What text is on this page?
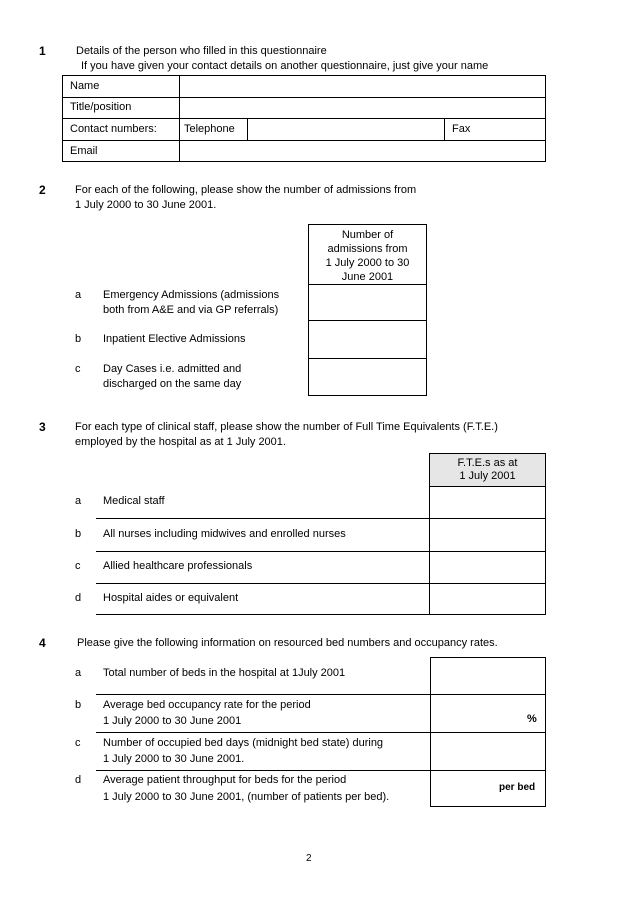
1	Details of the person who filled in this questionnaire
If you have given your contact details on another questionnaire, just give your name
Name
Title/position
Contact numbers: Telephone	Fax
Email
2	For each of the following, please show the number of admissions from
1 July 2000 to 30 June 2001.
Number of
admissions from
1 July 2000 to 30
June 2001
a Emergency Admissions (admissions
both from A&E and via GP referrals)
b Inpatient Elective Admissions
c Day Cases i.e. admitted and
discharged on the same day
3	For each type of clinical staff, please show the number of Full Time Equivalents (F.T.E.)
employed by the hospital as at 1 July 2001.
F.T.E.s as at
1 July 2001
a Medical staff
b All nurses including midwives and enrolled nurses
c Allied healthcare professionals
d Hospital aides or equivalent
4	Please give the following information on resourced bed numbers and occupancy rates.
a Total number of beds in the hospital at 1July 2001
b Average bed occupancy rate for the period
1 July 2000 to 30 June 2001	%
c Number of occupied bed days (midnight bed state) during
1 July 2000 to 30 June 2001.
d Average patient throughput for beds for the period
1 July 2000 to 30 June 2001, (number of patients per bed).
per bed
2
